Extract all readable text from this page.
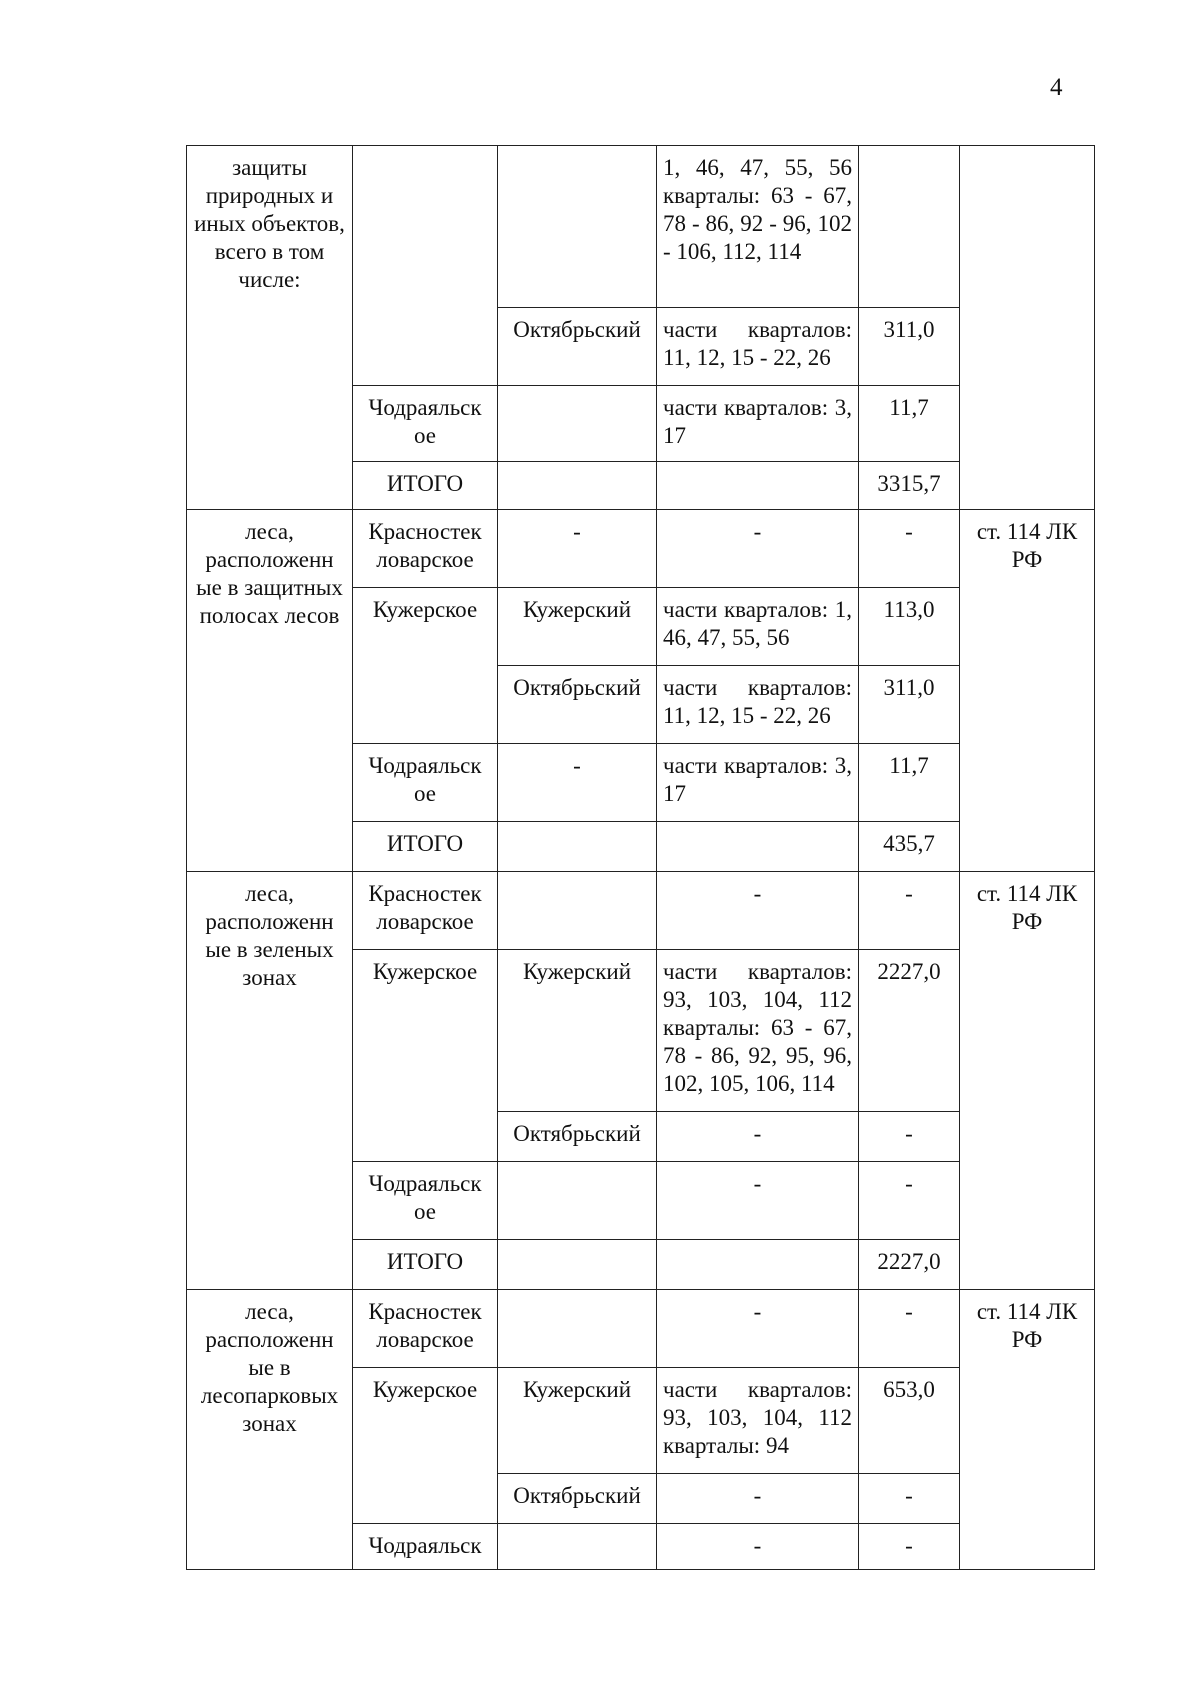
4
защиты природных и иных объектов, всего в том числе:			1, 46, 47, 55, 56 кварталы: 63 - 67, 78 - 86, 92 - 96, 102 - 106, 112, 114		
		Октябрьский	части кварталов: 11, 12, 15 - 22, 26	311,0	
	Чодраяльск ое		части кварталов: 3, 17	11,7	
	ИТОГО			3315,7	
леса, расположенн ые в защитных полосах лесов	Красностек ловарское	-	-	-	ст. 114 ЛК РФ
	Кужерское	Кужерский	части кварталов: 1, 46, 47, 55, 56	113,0	
		Октябрьский	части кварталов: 11, 12, 15 - 22, 26	311,0	
	Чодраяльск ое	-	части кварталов: 3, 17	11,7	
	ИТОГО			435,7	
леса, расположенн ые в зеленых зонах	Красностек ловарское		-	-	ст. 114 ЛК РФ
	Кужерское	Кужерский	части кварталов: 93, 103, 104, 112 кварталы: 63 - 67, 78 - 86, 92, 95, 96, 102, 105, 106, 114	2227,0	
		Октябрьский	-	-	
	Чодраяльск ое		-	-	
	ИТОГО			2227,0	
леса, расположенн ые в лесопарковых зонах	Красностек ловарское		-	-	ст. 114 ЛК РФ
	Кужерское	Кужерский	части кварталов: 93, 103, 104, 112 кварталы: 94	653,0	
		Октябрьский	-	-	
	Чодраяльск		-	-	
